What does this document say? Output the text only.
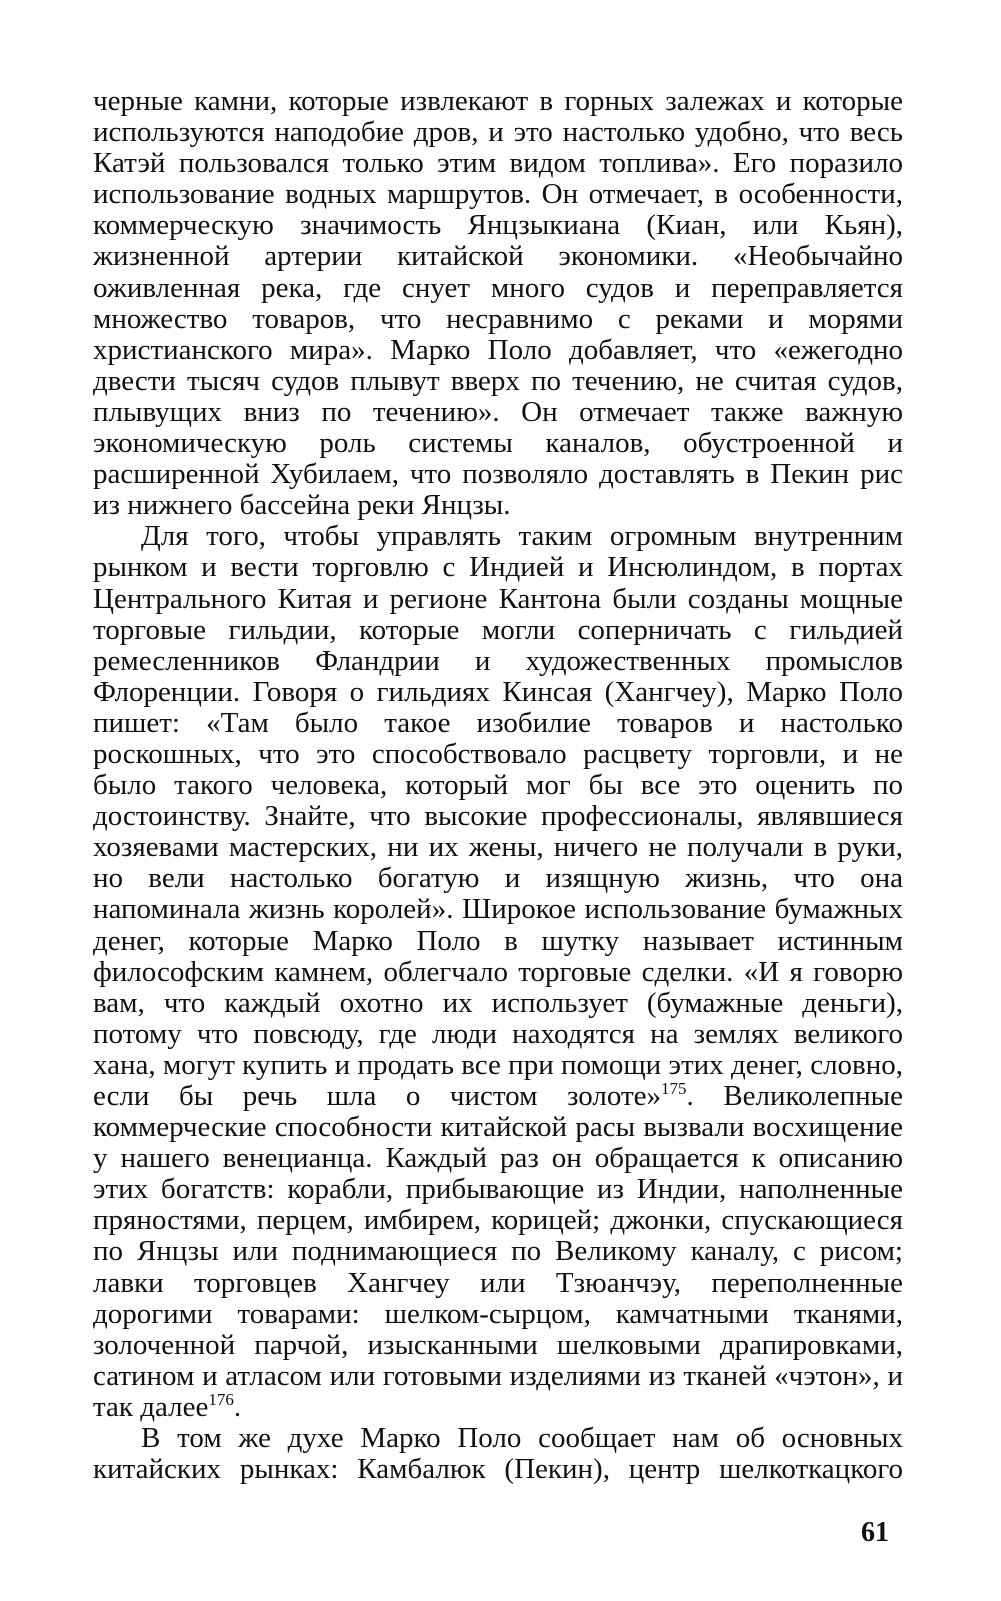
черные камни, которые извлекают в горных залежах и которые используются наподобие дров, и это настолько удобно, что весь Катэй пользовался только этим видом топлива». Его поразило использование водных маршрутов. Он отмечает, в особенности, коммерческую значимость Янцзыкиана (Киан, или Кьян), жизненной артерии китайской экономики. «Необычайно оживленная река, где снует много судов и переправляется множество товаров, что несравнимо с реками и морями христианского мира». Марко Поло добавляет, что «ежегодно двести тысяч судов плывут вверх по течению, не считая судов, плывущих вниз по течению». Он отмечает также важную экономическую роль системы каналов, обустроенной и расширенной Хубилаем, что позволяло доставлять в Пекин рис из нижнего бассейна реки Янцзы.

Для того, чтобы управлять таким огромным внутренним рынком и вести торговлю с Индией и Инсюлиндом, в портах Центрального Китая и регионе Кантона были созданы мощные торговые гильдии, которые могли соперничать с гильдией ремесленников Фландрии и художественных промыслов Флоренции. Говоря о гильдиях Кинсая (Хангчеу), Марко Поло пишет: «Там было такое изобилие товаров и настолько роскошных, что это способствовало расцвету торговли, и не было такого человека, который мог бы все это оценить по достоинству. Знайте, что высокие профессионалы, являвшиеся хозяевами мастерских, ни их жены, ничего не получали в руки, но вели настолько богатую и изящную жизнь, что она напоминала жизнь королей». Широкое использование бумажных денег, которые Марко Поло в шутку называет истинным философским камнем, облегчало торговые сделки. «И я говорю вам, что каждый охотно их использует (бумажные деньги), потому что повсюду, где люди находятся на землях великого хана, могут купить и продать все при помощи этих денег, словно, если бы речь шла о чистом золоте»$^{175}$. Великолепные коммерческие способности китайской расы вызвали восхищение у нашего венецианца. Каждый раз он обращается к описанию этих богатств: корабли, прибывающие из Индии, наполненные пряностями, перцем, имбирем, корицей; джонки, спускающиеся по Янцзы или поднимающиеся по Великому каналу, с рисом; лавки торговцев Хангчеу или Тзюанчэу, переполненные дорогими товарами: шелком-сырцом, камчатными тканями, золоченной парчой, изысканными шелковыми драпировками, сатином и атласом или готовыми изделиями из тканей «чэтон», и так далее$^{176}$.

В том же духе Марко Поло сообщает нам об основных китайских рынках: Камбалюк (Пекин), центр шелкоткацкого

61
